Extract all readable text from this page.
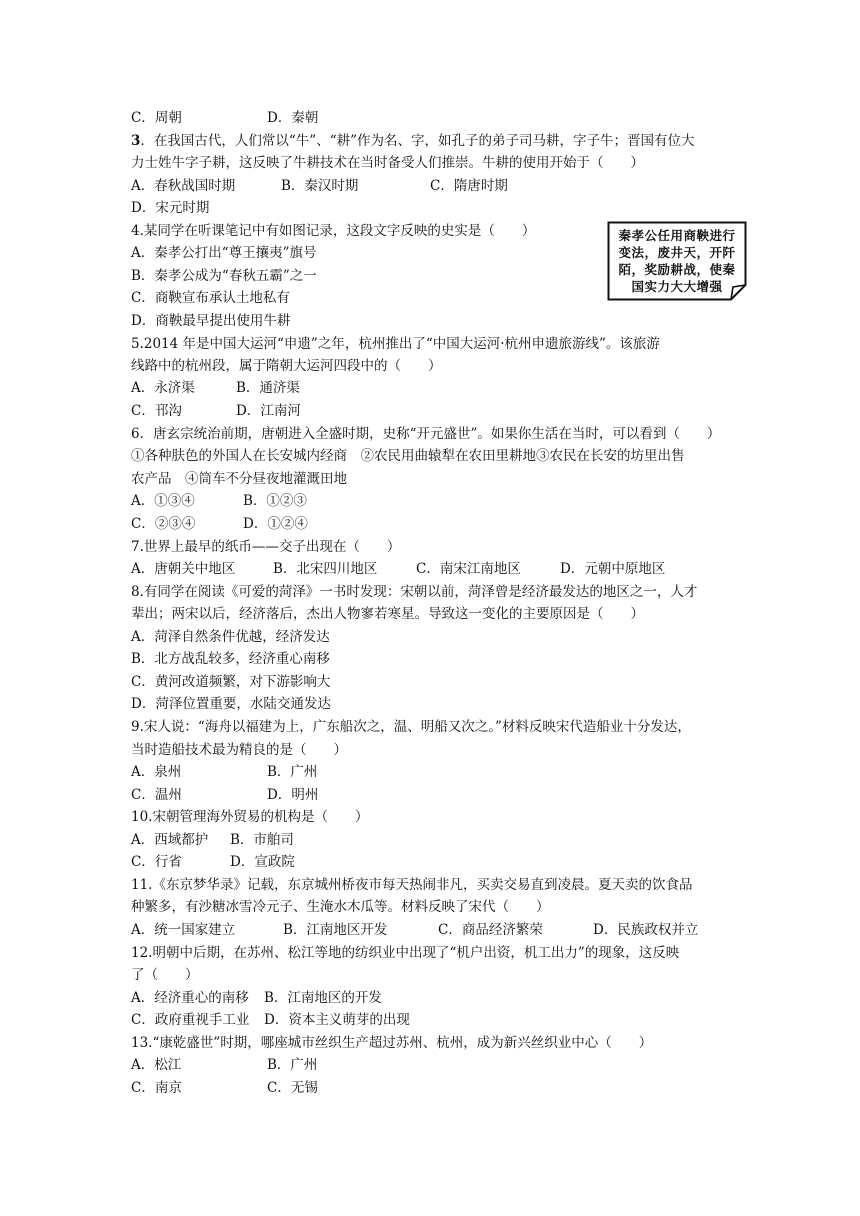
C．周朝	D．秦朝
3．在我国古代，人们常以“牛”、“耕”作为名、字，如孔子的弟子司马耕，字子牛；晋国有位大
力士姓牛字子耕，这反映了牛耕技术在当时备受人们推崇。牛耕的使用开始于（　　）
A．春秋战国时期	B．秦汉时期	C．隋唐时期
D．宋元时期
4.某同学在听课笔记中有如图记录，这段文字反映的史实是（　　）
A．秦孝公打出“尊王攘夷”旗号
B．秦孝公成为“春秋五霸”之一
C．商鞅宣布承认土地私有
D．商鞅最早提出使用牛耕
秦孝公任用商鞅进行变法，废井天，开阡陌，奖励耕战，使秦国实力大大增强
5.2014 年是中国大运河“申遗”之年，杭州推出了“中国大运河·杭州申遗旅游线”。该旅游
线路中的杭州段，属于隋朝大运河四段中的（　　）
A．永济渠	B．通济渠
C．邗沟	D．江南河
6．唐玄宗统治前期，唐朝进入全盛时期，史称“开元盛世”。如果你生活在当时，可以看到（　　）
①各种肤色的外国人在长安城内经商　②农民用曲辕犁在农田里耕地③农民在长安的坊里出售
农产品　④筒车不分昼夜地灌溉田地
A．①③④	B．①②③
C．②③④	D．①②④
7.世界上最早的纸币——交子出现在（　　）
A．唐朝关中地区	B．北宋四川地区	C．南宋江南地区	D．元朝中原地区
8.有同学在阅读《可爱的菏泽》一书时发现：宋朝以前，菏泽曾是经济最发达的地区之一，人才
辈出；两宋以后，经济落后，杰出人物寥若寒星。导致这一变化的主要原因是（　　）
A．菏泽自然条件优越，经济发达
B．北方战乱较多，经济重心南移
C．黄河改道频繁，对下游影响大
D．菏泽位置重要，水陆交通发达
9.宋人说：“海舟以福建为上，广东船次之，温、明船又次之。”材料反映宋代造船业十分发达，
当时造船技术最为精良的是（　　）
A．泉州	B．广州
C．温州	D．明州
10.宋朝管理海外贸易的机构是（　　）
A．西域都护 B．市舶司
C．行省	D．宣政院
11.《东京梦华录》记载，东京城州桥夜市每天热闹非凡，买卖交易直到凌晨。夏天卖的饮食品
种繁多，有沙糖冰雪冷元子、生淹水木瓜等。材料反映了宋代（　　）
A．统一国家建立	B．江南地区开发	C．商品经济繁荣	D．民族政权并立
12.明朝中后期，在苏州、松江等地的纺织业中出现了“机户出资，机工出力”的现象，这反映
了（　　）
A．经济重心的南移 B．江南地区的开发
C．政府重视手工业 D．资本主义萌芽的出现
13.“康乾盛世”时期，哪座城市丝织生产超过苏州、杭州，成为新兴丝织业中心（　　）
A．松江	B．广州
C．南京	C．无锡
